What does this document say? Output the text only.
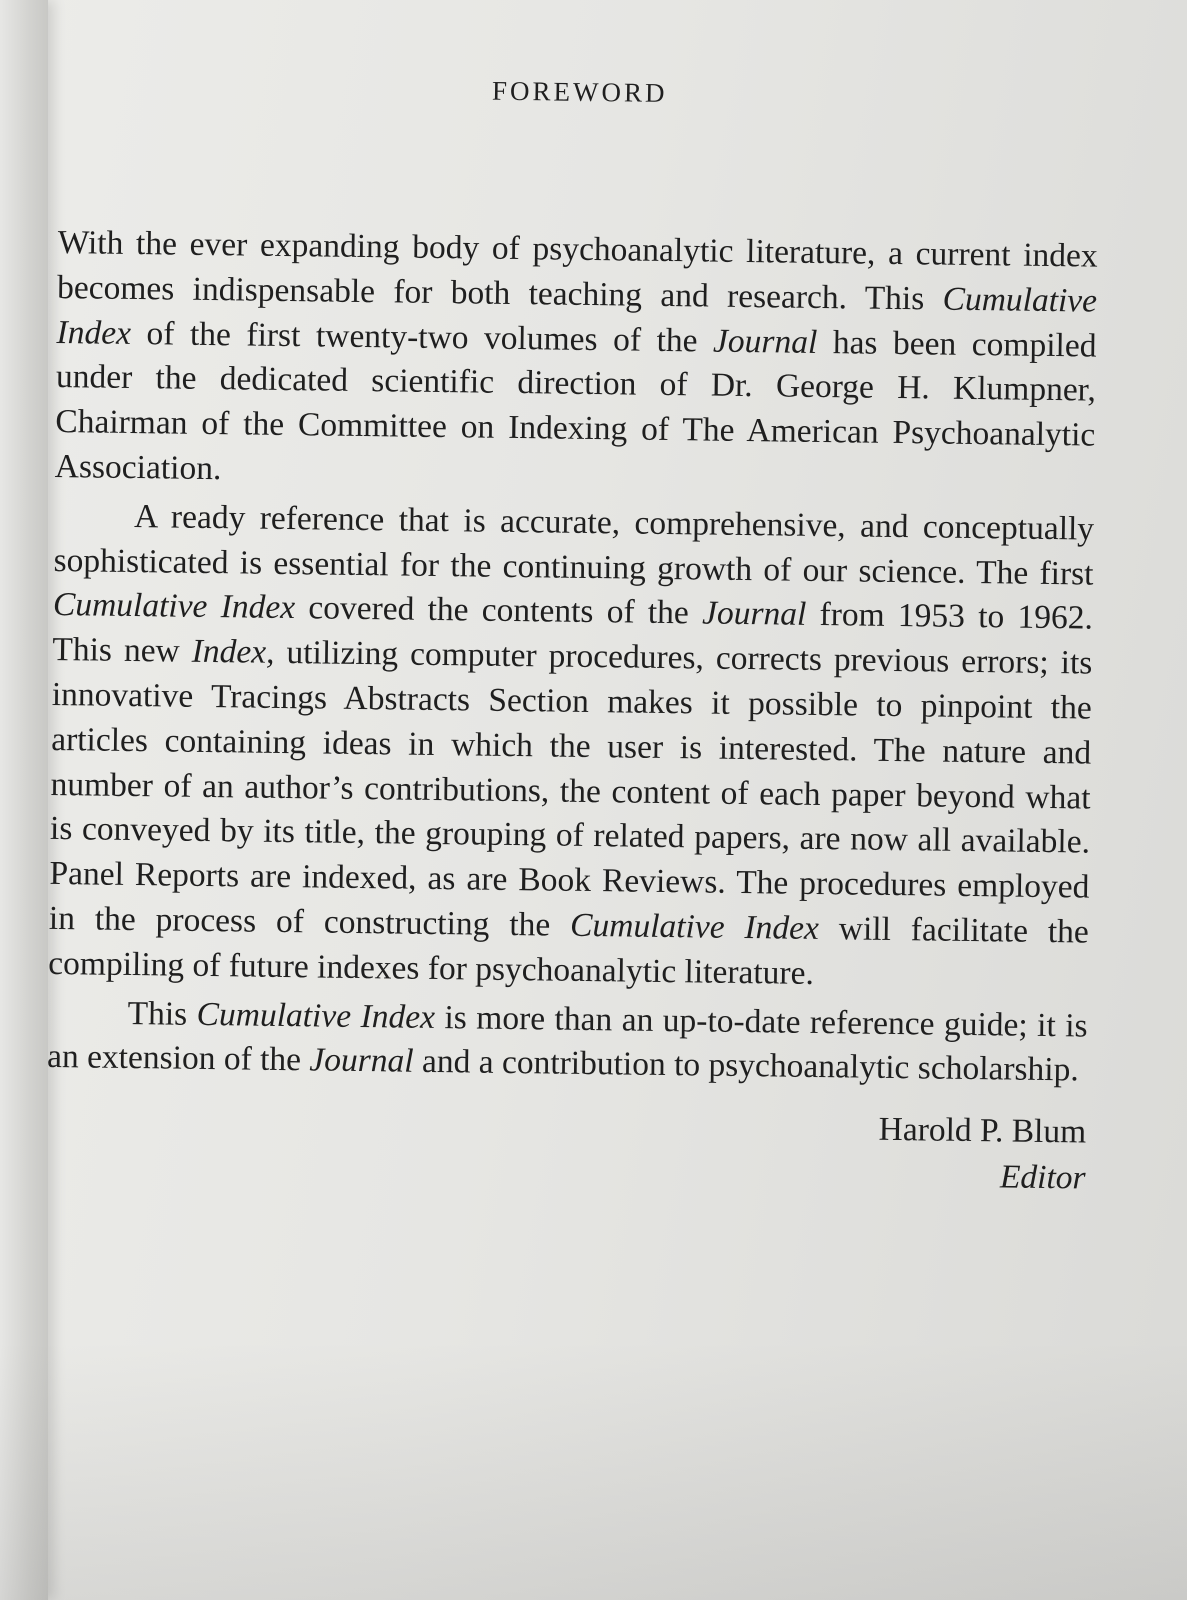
FOREWORD

With the ever expanding body of psychoanalytic literature, a current index becomes indispensable for both teaching and research. This Cumulative Index of the first twenty-two volumes of the Journal has been compiled under the dedicated scientific direction of Dr. George H. Klumpner, Chairman of the Committee on Indexing of The American Psychoanalytic Association.

A ready reference that is accurate, comprehensive, and conceptually sophisticated is essential for the continuing growth of our science. The first Cumulative Index covered the contents of the Journal from 1953 to 1962. This new Index, utilizing computer procedures, corrects previous errors; its innovative Tracings Abstracts Section makes it possible to pinpoint the articles containing ideas in which the user is interested. The nature and number of an author’s contributions, the content of each paper beyond what is conveyed by its title, the grouping of related papers, are now all available. Panel Reports are indexed, as are Book Reviews. The procedures employed in the process of constructing the Cumulative Index will facilitate the compiling of future indexes for psychoanalytic literature.

This Cumulative Index is more than an up-to-date reference guide; it is an extension of the Journal and a contribution to psychoanalytic scholarship.

Harold P. Blum
Editor
